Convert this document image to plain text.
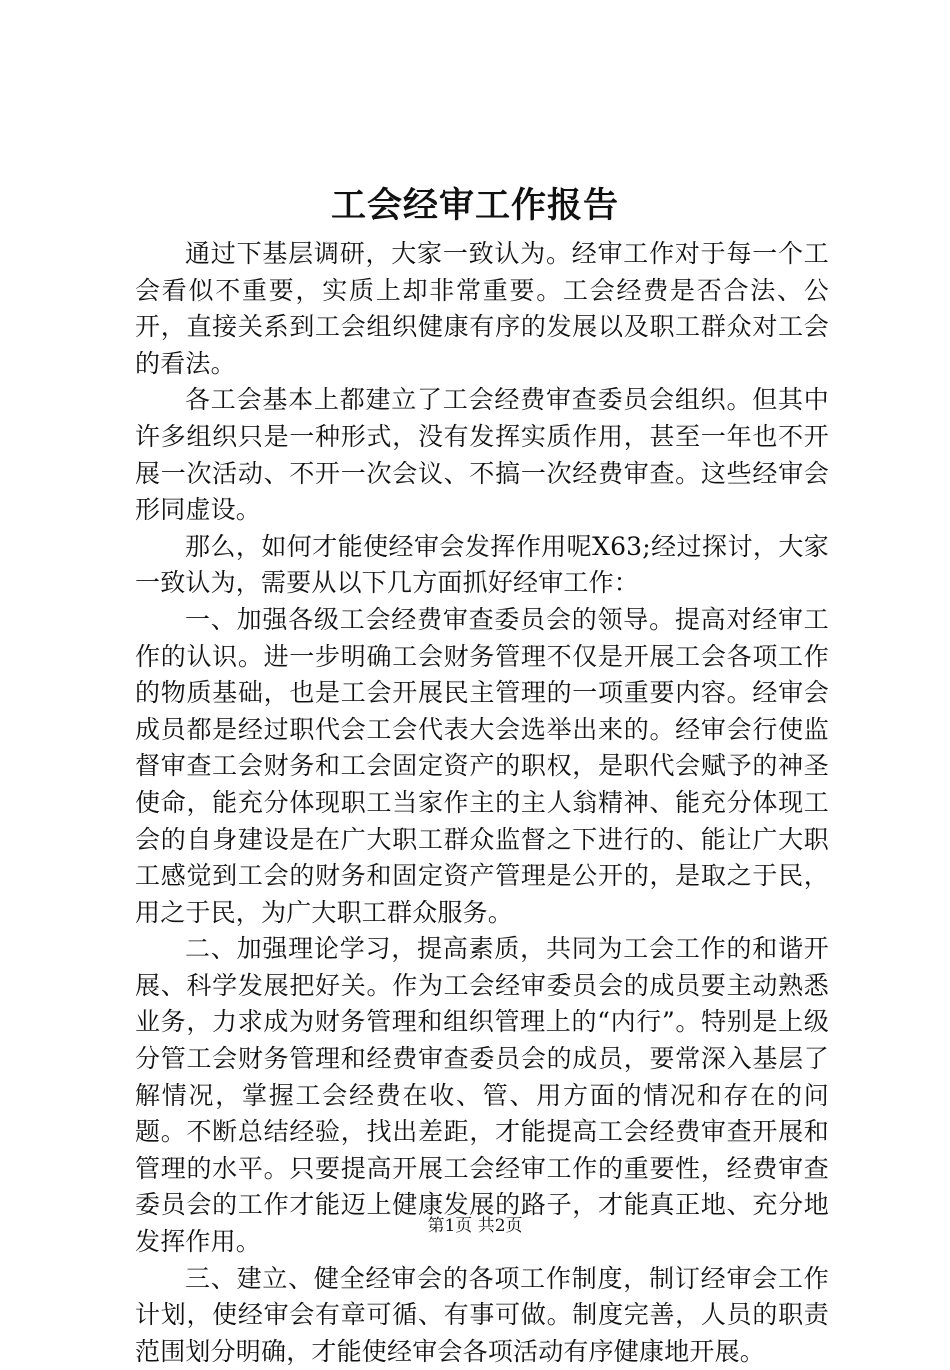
工会经审工作报告

通过下基层调研，大家一致认为。经审工作对于每一个工会看似不重要，实质上却非常重要。工会经费是否合法、公开，直接关系到工会组织健康有序的发展以及职工群众对工会的看法。

各工会基本上都建立了工会经费审查委员会组织。但其中许多组织只是一种形式，没有发挥实质作用，甚至一年也不开展一次活动、不开一次会议、不搞一次经费审查。这些经审会形同虚设。

那么，如何才能使经审会发挥作用呢X63;经过探讨，大家一致认为，需要从以下几方面抓好经审工作：

一、加强各级工会经费审查委员会的领导。提高对经审工作的认识。进一步明确工会财务管理不仅是开展工会各项工作的物质基础，也是工会开展民主管理的一项重要内容。经审会成员都是经过职代会工会代表大会选举出来的。经审会行使监督审查工会财务和工会固定资产的职权，是职代会赋予的神圣使命，能充分体现职工当家作主的主人翁精神、能充分体现工会的自身建设是在广大职工群众监督之下进行的、能让广大职工感觉到工会的财务和固定资产管理是公开的，是取之于民，用之于民，为广大职工群众服务。

二、加强理论学习，提高素质，共同为工会工作的和谐开展、科学发展把好关。作为工会经审委员会的成员要主动熟悉业务，力求成为财务管理和组织管理上的“内行”。特别是上级分管工会财务管理和经费审查委员会的成员，要常深入基层了解情况，掌握工会经费在收、管、用方面的情况和存在的问题。不断总结经验，找出差距，才能提高工会经费审查开展和管理的水平。只要提高开展工会经审工作的重要性，经费审查委员会的工作才能迈上健康发展的路子，才能真正地、充分地发挥作用。

三、建立、健全经审会的各项工作制度，制订经审会工作计划，使经审会有章可循、有事可做。制度完善，人员的职责范围划分明确，才能使经审会各项活动有序健康地开展。

第1页 共2页
